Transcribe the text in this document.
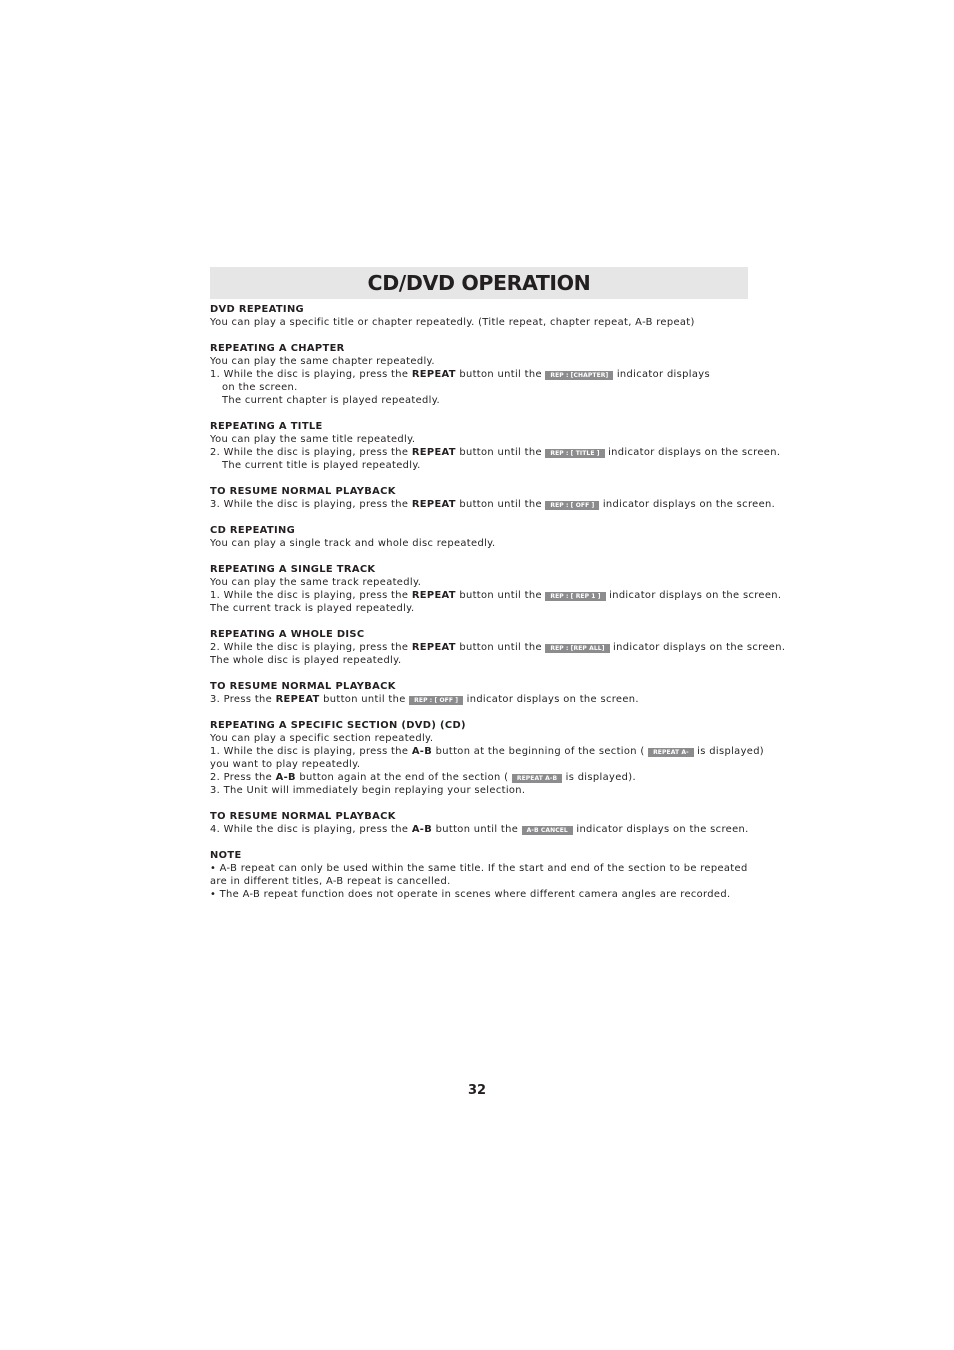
CD/DVD OPERATION
DVD REPEATING
You can play a specific title or chapter repeatedly. (Title repeat, chapter repeat, A-B repeat)
REPEATING A CHAPTER
You can play the same chapter repeatedly.
1. While the disc is playing, press the REPEAT button until the REP : [CHAPTER] indicator displays
on the screen.
The current chapter is played repeatedly.
REPEATING A TITLE
You can play the same title repeatedly.
2. While the disc is playing, press the REPEAT button until the REP : [ TITLE ] indicator displays on the screen.
The current title is played repeatedly.
TO RESUME NORMAL PLAYBACK
3. While the disc is playing, press the REPEAT button until the REP : [ OFF ] indicator displays on the screen.
CD REPEATING
You can play a single track and whole disc repeatedly.
REPEATING A SINGLE TRACK
You can play the same track repeatedly.
1. While the disc is playing, press the REPEAT button until the REP : [ REP 1 ] indicator displays on the screen.
The current track is played repeatedly.
REPEATING A WHOLE DISC
2. While the disc is playing, press the REPEAT button until the REP : [REP ALL] indicator displays on the screen.
The whole disc is played repeatedly.
TO RESUME NORMAL PLAYBACK
3. Press the REPEAT button until the REP : [ OFF ] indicator displays on the screen.
REPEATING A SPECIFIC SECTION (DVD) (CD)
You can play a specific section repeatedly.
1. While the disc is playing, press the A-B button at the beginning of the section ( REPEAT A- is displayed)
you want to play repeatedly.
2. Press the A-B button again at the end of the section ( REPEAT A-B is displayed).
3. The Unit will immediately begin replaying your selection.
TO RESUME NORMAL PLAYBACK
4. While the disc is playing, press the A-B button until the A-B CANCEL indicator displays on the screen.
NOTE
• A-B repeat can only be used within the same title. If the start and end of the section to be repeated
are in different titles, A-B repeat is cancelled.
• The A-B repeat function does not operate in scenes where different camera angles are recorded.
32
